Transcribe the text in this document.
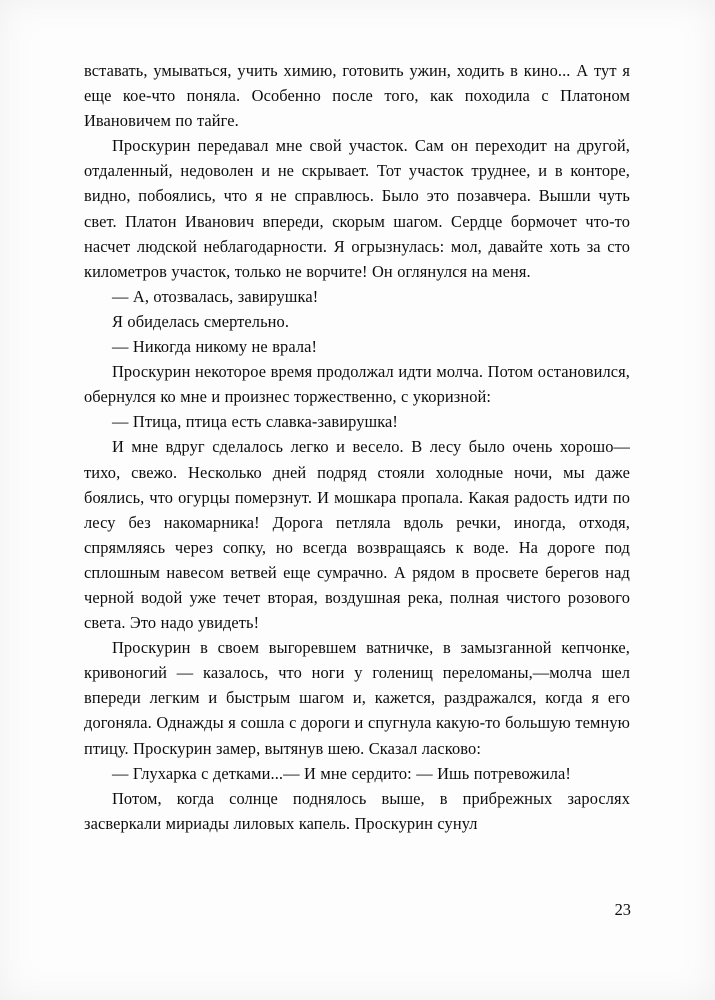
вставать, умываться, учить химию, готовить ужин, ходить в кино... А тут я еще кое-что поняла. Особенно после того, как походила с Платоном Ивановичем по тайге.

Проскурин передавал мне свой участок. Сам он переходит на другой, отдаленный, недоволен и не скрывает. Тот участок труднее, и в конторе, видно, побоялись, что я не справлюсь. Было это позавчера. Вышли чуть свет. Платон Иванович впереди, скорым шагом. Сердце бормочет что-то насчет людской неблагодарности. Я огрызнулась: мол, давайте хоть за сто километров участок, только не ворчите! Он оглянулся на меня.

— А, отозвалась, завирушка!

Я обиделась смертельно.

— Никогда никому не врала!

Проскурин некоторое время продолжал идти молча. Потом остановился, обернулся ко мне и произнес торжественно, с укоризной:

— Птица, птица есть славка-завирушка!

И мне вдруг сделалось легко и весело. В лесу было очень хорошо—тихо, свежо. Несколько дней подряд стояли холодные ночи, мы даже боялись, что огурцы померзнут. И мошкара пропала. Какая радость идти по лесу без накомарника! Дорога петляла вдоль речки, иногда, отходя, спрямляясь через сопку, но всегда возвращаясь к воде. На дороге под сплошным навесом ветвей еще сумрачно. А рядом в просвете берегов над черной водой уже течет вторая, воздушная река, полная чистого розового света. Это надо увидеть!

Проскурин в своем выгоревшем ватничке, в замызганной кепчонке, кривоногий — казалось, что ноги у голенищ переломаны,—молча шел впереди легким и быстрым шагом и, кажется, раздражался, когда я его догоняла. Однажды я сошла с дороги и спугнула какую-то большую темную птицу. Проскурин замер, вытянув шею. Сказал ласково:

— Глухарка с детками...— И мне сердито: — Ишь потревожила!

Потом, когда солнце поднялось выше, в прибрежных зарослях засверкали мириады лиловых капель. Проскурин сунул

23
